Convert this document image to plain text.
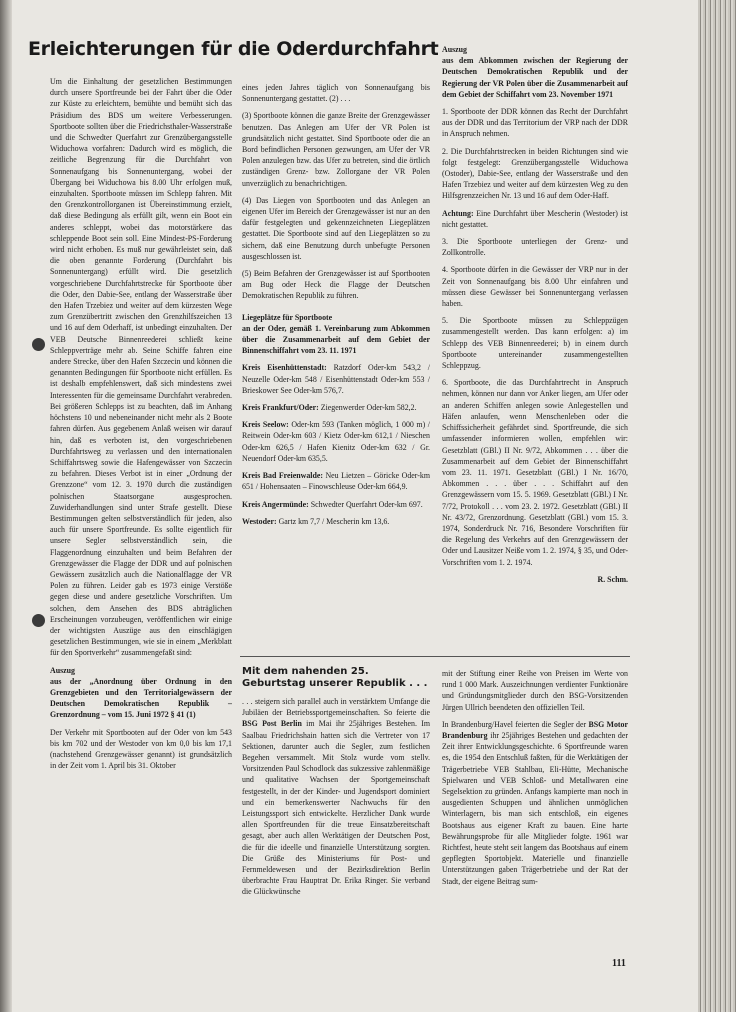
Erleichterungen für die Oderdurchfahrt

Um die Einhaltung der gesetzlichen Bestimmungen durch unsere Sportfreunde bei der Fahrt über die Oder zur Küste zu erleichtern, bemühte und bemüht sich das Präsidium des BDS um weitere Verbesserungen. Sportboote sollten über die Friedrichsthaler-Wasserstraße und die Schwedter Querfahrt zur Grenzübergangsstelle Widuchowa vorfahren: Dadurch wird es möglich, die zeitliche Begrenzung für die Durchfahrt von Sonnenaufgang bis Sonnenuntergang, wobei der Übergang bei Widuchowa bis 8.00 Uhr erfolgen muß, einzuhalten. Sportboote müssen im Schlepp fahren. Mit den Grenzkontrollorganen ist Übereinstimmung erzielt, daß diese Bedingung als erfüllt gilt, wenn ein Boot ein anderes schleppt, wobei das motorstärkere das schleppende Boot sein soll. Eine Mindest-PS-Forderung wird nicht erhoben. Es muß nur gewährleistet sein, daß die oben genannte Forderung (Durchfahrt bis Sonnenuntergang) erfüllt wird. Die gesetzlich vorgeschriebene Durchfahrtstrecke für Sportboote über die Oder, den Dabie-See, entlang der Wasserstraße über den Hafen Trzebiez und weiter auf dem kürzesten Wege zum Grenzübertritt zwischen den Grenzhilfszeichen 13 und 16 auf dem Oderhaff, ist unbedingt einzuhalten. Der VEB Deutsche Binnenreederei schließt keine Schleppverträge mehr ab. Seine Schiffe fahren eine andere Strecke, über den Hafen Szczecin und können die genannten Bedingungen für Sportboote nicht erfüllen. Es ist deshalb empfehlenswert, daß sich mindestens zwei Interessenten für die gemeinsame Durchfahrt verabreden. Bei größeren Schlepps ist zu beachten, daß im Anhang höchstens 10 und nebeneinander nicht mehr als 2 Boote fahren dürfen. Aus gegebenem Anlaß weisen wir darauf hin, daß es verboten ist, den vorgeschriebenen Durchfahrtsweg zu verlassen und den internationalen Schiffahrtsweg sowie die Hafengewässer von Szczecin zu befahren. Dieses Verbot ist in einer „Ordnung der Grenzzone“ vom 12. 3. 1970 durch die zuständigen polnischen Staatsorgane ausgesprochen. Zuwiderhandlungen sind unter Strafe gestellt. Diese Bestimmungen gelten selbstverständlich für jeden, also auch für unsere Sportfreunde. Es sollte eigentlich für unsere Segler selbstverständlich sein, die Flaggenordnung einzuhalten und beim Befahren der Grenzgewässer die Flagge der DDR und auf polnischen Gewässern zusätzlich auch die Nationalflagge der VR Polen zu führen. Leider gab es 1973 einige Verstöße gegen diese und andere gesetzliche Vorschriften. Um solchen, dem Ansehen des BDS abträglichen Erscheinungen vorzubeugen, veröffentlichen wir einige der wichtigsten Auszüge aus den einschlägigen gesetzlichen Bestimmungen, wie sie in einem „Merkblatt für den Sportverkehr“ zusammengefaßt sind:

Auszug

aus der „Anordnung über Ordnung in den Grenzgebieten und den Territorialgewässern der Deutschen Demokratischen Republik – Grenzordnung – vom 15. Juni 1972 § 41 (1)

Der Verkehr mit Sportbooten auf der Oder von km 543 bis km 702 und der Westoder von km 0,0 bis km 17,1 (nachstehend Grenzgewässer genannt) ist grundsätzlich in der Zeit vom 1. April bis 31. Oktober

eines jeden Jahres täglich von Sonnenaufgang bis Sonnenuntergang gestattet. (2) . . .

(3) Sportboote können die ganze Breite der Grenzgewässer benutzen. Das Anlegen am Ufer der VR Polen ist grundsätzlich nicht gestattet. Sind Sportboote oder die an Bord befindlichen Personen gezwungen, am Ufer der VR Polen anzulegen bzw. das Ufer zu betreten, sind die örtlich zuständigen Grenz- bzw. Zollorgane der VR Polen unverzüglich zu benachrichtigen.

(4) Das Liegen von Sportbooten und das Anlegen an eigenen Ufer im Bereich der Grenzgewässer ist nur an den dafür festgelegten und gekennzeichneten Liegeplätzen gestattet. Die Sportboote sind auf den Liegeplätzen so zu sichern, daß eine Benutzung durch unbefugte Personen ausgeschlossen ist.

(5) Beim Befahren der Grenzgewässer ist auf Sportbooten am Bug oder Heck die Flagge der Deutschen Demokratischen Republik zu führen.

Liegeplätze für Sportboote

an der Oder, gemäß 1. Vereinbarung zum Abkommen über die Zusammenarbeit auf dem Gebiet der Binnenschiffahrt vom 23. 11. 1971

Kreis Eisenhüttenstadt: Ratzdorf Oder-km 543,2 / Neuzelle Oder-km 548 / Eisenhüttenstadt Oder-km 553 / Brieskower See Oder-km 576,7.

Kreis Frankfurt/Oder: Ziegenwerder Oder-km 582,2.

Kreis Seelow: Oder-km 593 (Tanken möglich, 1 000 m) / Reitwein Oder-km 603 / Kietz Oder-km 612,1 / Nieschen Oder-km 626,5 / Hafen Kienitz Oder-km 632 / Gr. Neuendorf Oder-km 635,5.

Kreis Bad Freienwalde: Neu Lietzen – Göricke Oder-km 651 / Hohensaaten – Finowschleuse Oder-km 664,9.

Kreis Angermünde: Schwedter Querfahrt Oder-km 697.

Westoder: Gartz km 7,7 / Mescherin km 13,6.

Auszug

aus dem Abkommen zwischen der Regierung der Deutschen Demokratischen Republik und der Regierung der VR Polen über die Zusammenarbeit auf dem Gebiet der Schiffahrt vom 23. November 1971

1. Sportboote der DDR können das Recht der Durchfahrt aus der DDR und das Territorium der VRP nach der DDR in Anspruch nehmen.

2. Die Durchfahrtstrecken in beiden Richtungen sind wie folgt festgelegt: Grenzübergangsstelle Widuchowa (Ostoder), Dabie-See, entlang der Wasserstraße und den Hafen Trzebiez und weiter auf dem kürzesten Weg zu den Hilfsgrenzzeichen Nr. 13 und 16 auf dem Oder-Haff.

Achtung: Eine Durchfahrt über Mescherin (Westoder) ist nicht gestattet.

3. Die Sportboote unterliegen der Grenz- und Zollkontrolle.

4. Sportboote dürfen in die Gewässer der VRP nur in der Zeit von Sonnenaufgang bis 8.00 Uhr einfahren und müssen diese Gewässer bei Sonnenuntergang verlassen haben.

5. Die Sportboote müssen zu Schleppzügen zusammengestellt werden. Das kann erfolgen: a) im Schlepp des VEB Binnenreederei; b) in einem durch Sportboote untereinander zusammengestellten Schleppzug.

6. Sportboote, die das Durchfahrtrecht in Anspruch nehmen, können nur dann vor Anker liegen, am Ufer oder an anderen Schiffen anlegen sowie Anlegestellen und Häfen anlaufen, wenn Menschenleben oder die Schiffssicherheit gefährdet sind. Sportfreunde, die sich umfassender informieren wollen, empfehlen wir: Gesetzblatt (GBl.) II Nr. 9/72, Abkommen . . . über die Zusammenarbeit auf dem Gebiet der Binnenschiffahrt vom 23. 11. 1971. Gesetzblatt (GBl.) I Nr. 16/70, Abkommen . . . über . . . Schiffahrt auf den Grenzgewässern vom 15. 5. 1969. Gesetzblatt (GBl.) I Nr. 7/72, Protokoll . . . vom 23. 2. 1972. Gesetzblatt (GBl.) II Nr. 43/72, Grenzordnung. Gesetzblatt (GBl.) vom 15. 3. 1974, Sonderdruck Nr. 716, Besondere Vorschriften für die Regelung des Verkehrs auf den Grenzgewässern der Oder und Lausitzer Neiße vom 1. 2. 1974, § 35, und Oder-Vorschriften vom 1. 2. 1974.

R. Schm.
Mit dem nahenden 25. Geburtstag unserer Republik . . .

. . . steigern sich parallel auch in verstärktem Umfange die Jubiläen der Betriebssportgemeinschaften. So feierte die BSG Post Berlin im Mai ihr 25jähriges Bestehen. Im Saalbau Friedrichshain hatten sich die Vertreter von 17 Sektionen, darunter auch die Segler, zum festlichen Begehen versammelt. Mit Stolz wurde vom stellv. Vorsitzenden Paul Schodlock das sukzessive zahlenmäßige und qualitative Wachsen der Sportgemeinschaft festgestellt, in der der Kinder- und Jugendsport dominiert und ein bemerkenswerter Nachwuchs für den Leistungssport sich entwickelte. Herzlicher Dank wurde allen Sportfreunden für die treue Einsatzbereitschaft gesagt, aber auch allen Werktätigen der Deutschen Post, die für die ideelle und finanzielle Unterstützung sorgten. Die Grüße des Ministeriums für Post- und Fernmeldewesen und der Bezirksdirektion Berlin überbrachte Frau Hauptrat Dr. Erika Ringer. Sie verband die Glückwünsche

mit der Stiftung einer Reihe von Preisen im Werte von rund 1 000 Mark. Auszeichnungen verdienter Funktionäre und Gründungsmitglieder durch den BSG-Vorsitzenden Jürgen Ullrich beendeten den offiziellen Teil.

In Brandenburg/Havel feierten die Segler der BSG Motor Brandenburg ihr 25jähriges Bestehen und gedachten der Zeit ihrer Entwicklungsgeschichte. 6 Sportfreunde waren es, die 1954 den Entschluß faßten, für die Werktätigen der Trägerbetriebe VEB Stahlbau, Eli-Hütte, Mechanische Spielwaren und VEB Schloß- und Metallwaren eine Segelsektion zu gründen. Anfangs kampierte man noch in ausgedienten Schuppen und ähnlichen unmöglichen Winterlagern, bis man sich entschloß, ein eigenes Bootshaus aus eigener Kraft zu bauen. Eine harte Bewährungsprobe für alle Mitglieder folgte. 1961 war Richtfest, heute steht seit langem das Bootshaus auf einem gepflegten Sportobjekt. Materielle und finanzielle Unterstützungen gaben Trägerbetriebe und der Rat der Stadt, der eigene Beitrag sum-

111
